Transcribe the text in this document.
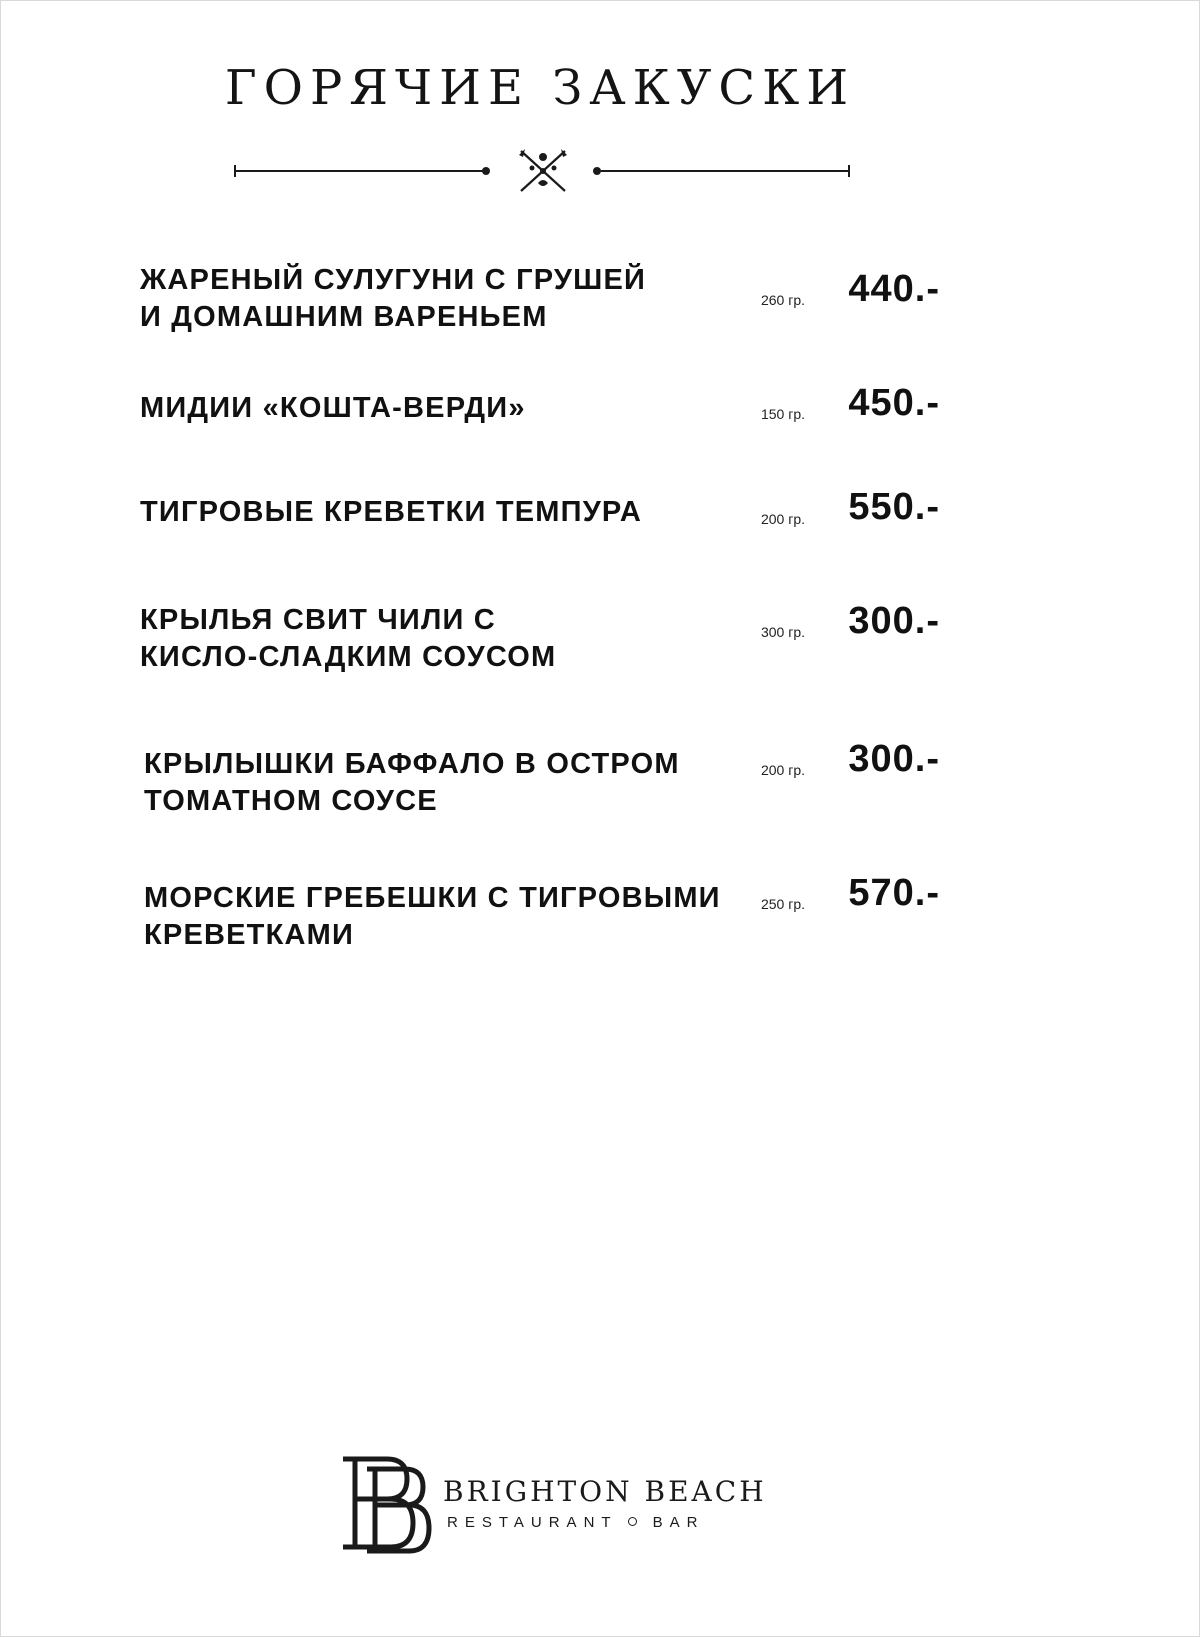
ГОРЯЧИЕ ЗАКУСКИ
ЖАРЕНЫЙ СУЛУГУНИ С ГРУШЕЙ
И ДОМАШНИМ ВАРЕНЬЕМ
260 гр.	440.-
МИДИИ «КОШТА-ВЕРДИ»	150 гр.	450.-
ТИГРОВЫЕ КРЕВЕТКИ ТЕМПУРА	200 гр.	550.-
КРЫЛЬЯ СВИТ ЧИЛИ С
КИСЛО-СЛАДКИМ СОУСОМ
300 гр.	300.-
КРЫЛЫШКИ БАФФАЛО В ОСТРОМ
ТОМАТНОМ СОУСЕ
200 гр.	300.-
МОРСКИЕ ГРЕБЕШКИ С ТИГРОВЫМИ
КРЕВЕТКАМИ
250 гр.	570.-
BRIGHTON BEACH
RESTAURANT BAR
